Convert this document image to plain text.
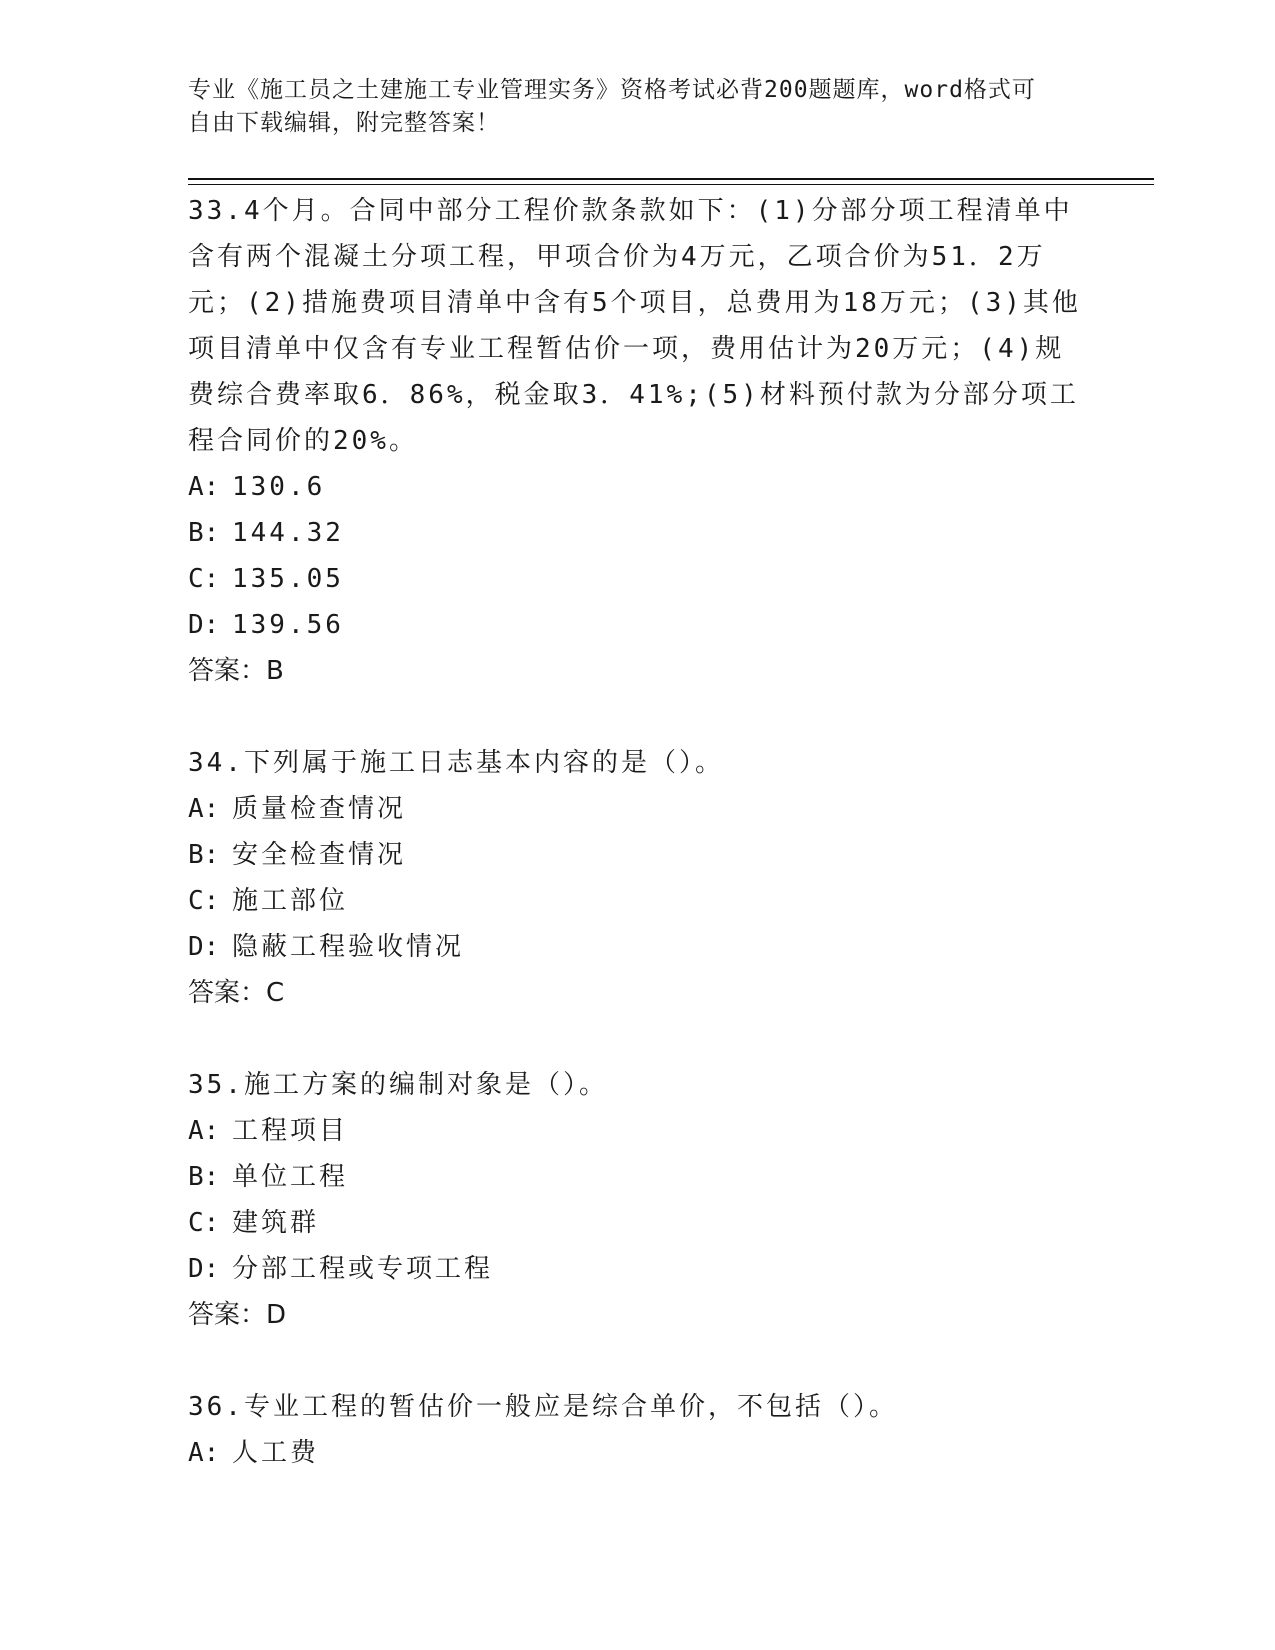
专业《施工员之土建施工专业管理实务》资格考试必背200题题库，word格式可
自由下载编辑，附完整答案！

33.4个月。合同中部分工程价款条款如下：(1)分部分项工程清单中含有两个混凝土分项工程，甲项合价为4万元，乙项合价为51．2万元；(2)措施费项目清单中含有5个项目，总费用为18万元；(3)其他项目清单中仅含有专业工程暂估价一项，费用估计为20万元；(4)规费综合费率取6．86%，税金取3．41%;(5)材料预付款为分部分项工程合同价的20%。

A: 130.6
B: 144.32
C: 135.05
D: 139.56

答案：B

34.下列属于施工日志基本内容的是（）。

A: 质量检查情况
B: 安全检查情况
C: 施工部位
D: 隐蔽工程验收情况

答案：C

35.施工方案的编制对象是（）。

A: 工程项目
B: 单位工程
C: 建筑群
D: 分部工程或专项工程

答案：D

36.专业工程的暂估价一般应是综合单价，不包括（）。

A: 人工费
